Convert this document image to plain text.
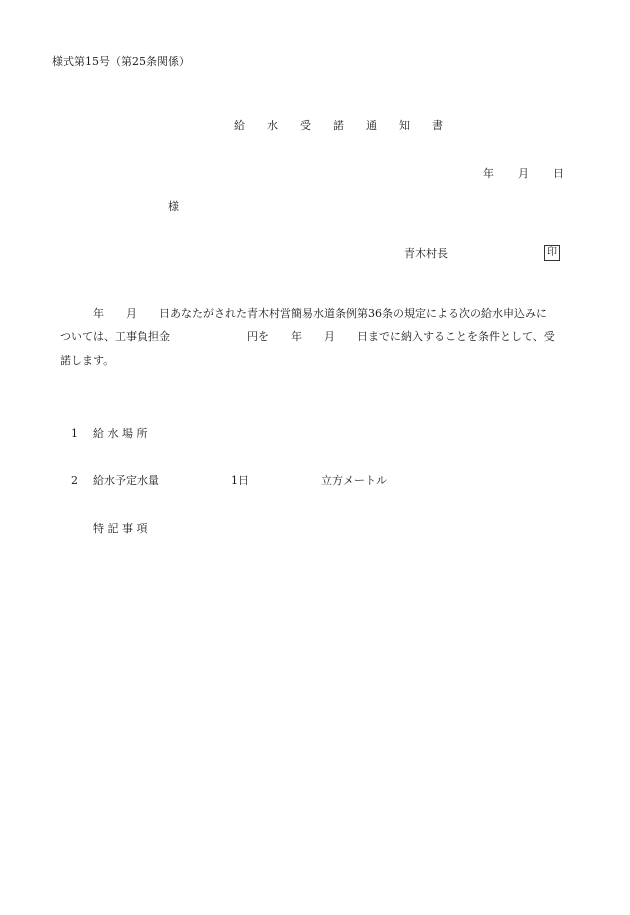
様式第15号（第25条関係）

給 水 受 諾 通 知 書

年 月 日

様
青木村長	印
　　　年　　月　　日あなたがされた青木村営簡易水道条例第36条の規定による次の給水申込みに
ついては、工事負担金　　　　　　　円を　　年　　月　　日までに納入することを条件として、受
諾します。

1 給 水 場 所

2 給水予定水量	1日	立方メートル

特 記 事 項
